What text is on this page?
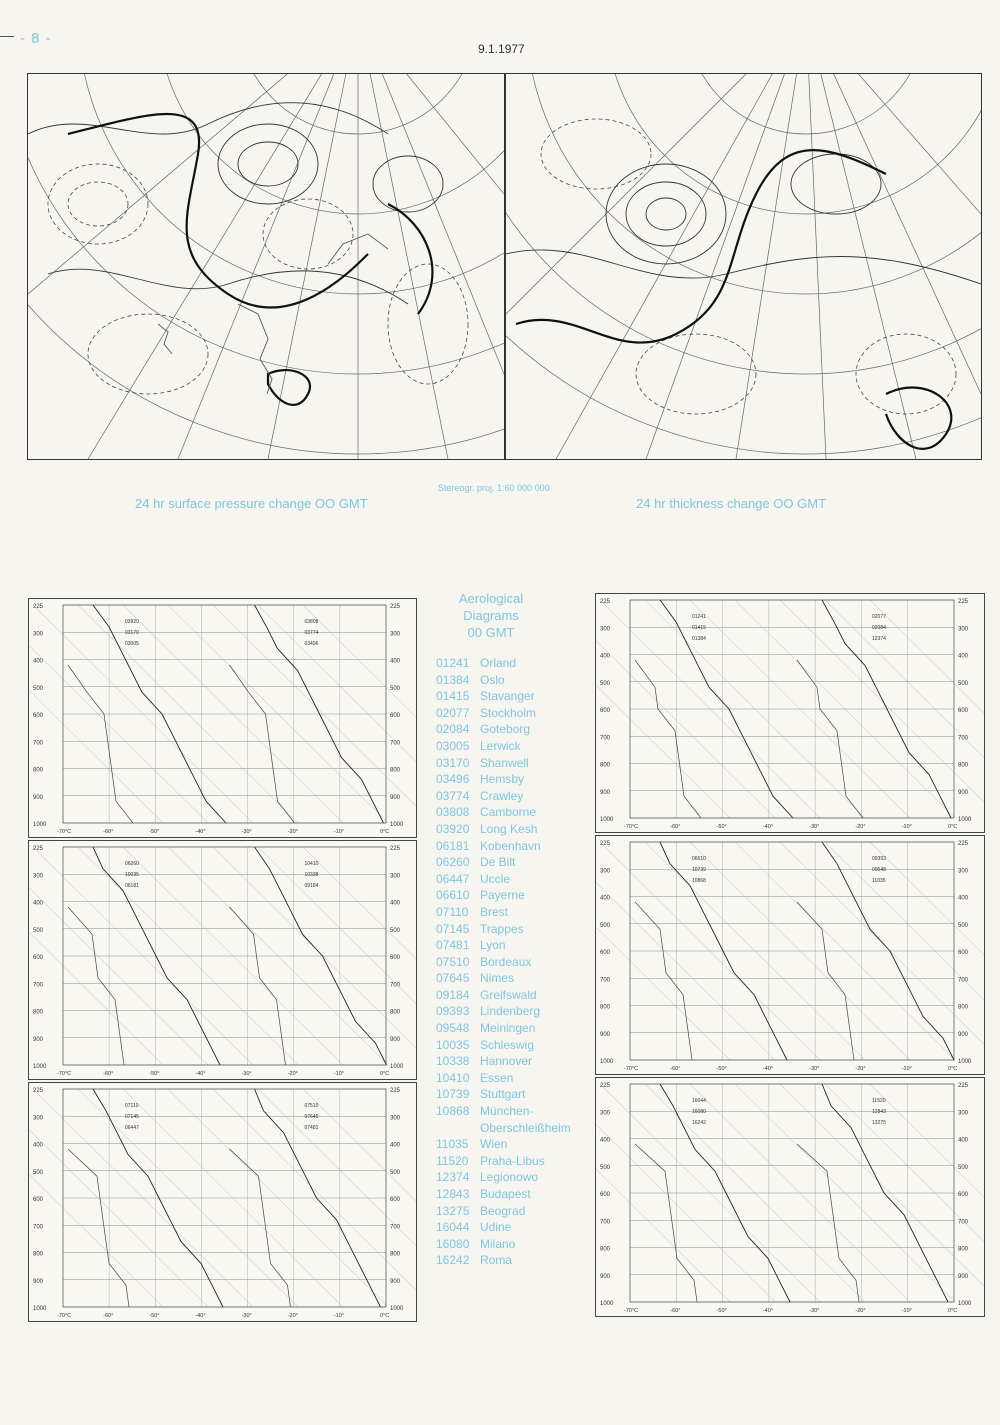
- 8 -
9.1.1977
24 hr surface pressure change OO GMT
Stereogr. proj. 1:60 000 000
24 hr thickness change OO GMT
225	225
300	300
400	400
500	500
600	600
700	700
800	800
900	900
1000	1000
-70°C	-60°	-50°	-40°	-30°	-20°	-10°	0°C
03920
03170
03005
03808
03774
03496
225	225
300	300
400	400
500	500
600	600
700	700
800	800
900	900
1000	1000
-70°C	-60°	-50°	-40°	-30°	-20°	-10°	0°C
06260
10035
06181
10410
10338
09184
225	225
300	300
400	400
500	500
600	600
700	700
800	800
900	900
1000	1000
-70°C	-60°	-50°	-40°	-30°	-20°	-10°	0°C
07110
07145
06447
07510
07645
07481
225	225
300	300
400	400
500	500
600	600
700	700
800	800
900	900
1000	1000
-70°C	-60°	-50°	-40°	-30°	-20°	-10°	0°C
01241
01415
01384
02077
02084
12374
225	225
300	300
400	400
500	500
600	600
700	700
800	800
900	900
1000	1000
-70°C	-60°	-50°	-40°	-30°	-20°	-10°	0°C
06610
10739
10868
09393
09548
11035
225	225
300	300
400	400
500	500
600	600
700	700
800	800
900	900
1000	1000
-70°C	-60°	-50°	-40°	-30°	-20°	-10°	0°C
16044
16080
16242
11520
12843
13275
Aerological
Diagrams
00 GMT
01241 Orland
01384 Oslo
01415 Stavanger
02077 Stockholm
02084 Goteborg
03005 Lerwick
03170 Shanwell
03496 Hemsby
03774 Crawley
03808 Camborne
03920 Long Kesh
06181 Kobenhavn
06260 De Bilt
06447 Uccle
06610 Payerne
07110 Brest
07145 Trappes
07481 Lyon
07510 Bordeaux
07645 Nimes
09184 Greifswald
09393 Lindenberg
09548 Meiningen
10035 Schleswig
10338 Hannover
10410 Essen
10739 Stuttgart
10868 München-
Oberschleißheim
11035 Wien
11520 Praha-Libus
12374 Legionowo
12843 Budapest
13275 Beograd
16044 Udine
16080 Milano
16242 Roma
